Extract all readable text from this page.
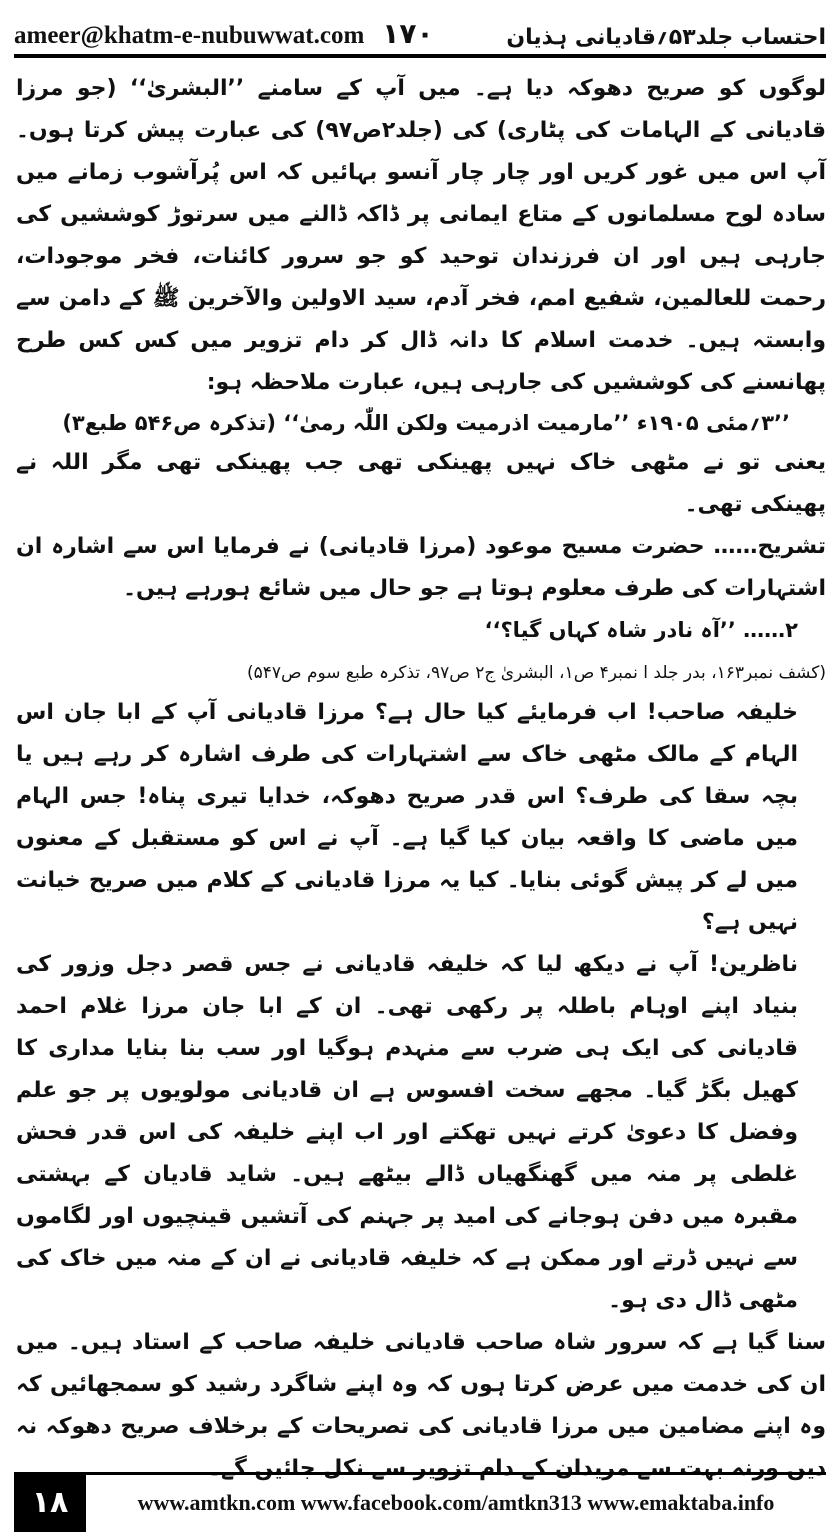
ameer@khatm-e-nubuwwat.com ۱۷۰	احتساب جلد۵۳؍قادیانی ہذیان

لوگوں کو صریح دھوکہ دیا ہے۔ میں آپ کے سامنے ’’البشریٰ‘‘ (جو مرزا قادیانی کے الہامات کی پٹاری) کی (جلد۲ص۹۷) کی عبارت پیش کرتا ہوں۔ آپ اس میں غور کریں اور چار چار آنسو بہائیں کہ اس پُرآشوب زمانے میں سادہ لوح مسلمانوں کے متاع ایمانی پر ڈاکہ ڈالنے میں سرتوڑ کوششیں کی جارہی ہیں اور ان فرزندان توحید کو جو سرور کائنات، فخر موجودات، رحمت للعالمین، شفیع امم، فخر آدم، سید الاولین والآخرین ﷺ کے دامن سے وابستہ ہیں۔ خدمت اسلام کا دانہ ڈال کر دام تزویر میں کس کس طرح پھانسنے کی کوششیں کی جارہی ہیں، عبارت ملاحظہ ہو:

’’۳؍مئی ۱۹۰۵ء ’’مارمیت اذرمیت ولکن اللّٰہ رمیٰ‘‘ (تذکرہ ص۵۴۶ طبع۳)

یعنی تو نے مٹھی خاک نہیں پھینکی تھی جب پھینکی تھی مگر اللہ نے پھینکی تھی۔

تشریح…… حضرت مسیح موعود (مرزا قادیانی) نے فرمایا اس سے اشارہ ان اشتہارات کی طرف معلوم ہوتا ہے جو حال میں شائع ہورہے ہیں۔

۲…… ’’آہ نادر شاہ کہاں گیا؟‘‘

(کشف نمبر۱۶۳، بدر جلد ا نمبر۴ ص۱، البشریٰ ج۲ ص۹۷، تذکرہ طبع سوم ص۵۴۷)

خلیفہ صاحب! اب فرمایئے کیا حال ہے؟ مرزا قادیانی آپ کے ابا جان اس الہام کے مالک مٹھی خاک سے اشتہارات کی طرف اشارہ کر رہے ہیں یا بچہ سقا کی طرف؟ اس قدر صریح دھوکہ، خدایا تیری پناہ! جس الہام میں ماضی کا واقعہ بیان کیا گیا ہے۔ آپ نے اس کو مستقبل کے معنوں میں لے کر پیش گوئی بنایا۔ کیا یہ مرزا قادیانی کے کلام میں صریح خیانت نہیں ہے؟

ناظرین! آپ نے دیکھ لیا کہ خلیفہ قادیانی نے جس قصر دجل وزور کی بنیاد اپنے اوہام باطلہ پر رکھی تھی۔ ان کے ابا جان مرزا غلام احمد قادیانی کی ایک ہی ضرب سے منہدم ہوگیا اور سب بنا بنایا مداری کا کھیل بگڑ گیا۔ مجھے سخت افسوس ہے ان قادیانی مولویوں پر جو علم وفضل کا دعویٰ کرتے نہیں تھکتے اور اب اپنے خلیفہ کی اس قدر فحش غلطی پر منہ میں گھنگھیاں ڈالے بیٹھے ہیں۔ شاید قادیان کے بہشتی مقبرہ میں دفن ہوجانے کی امید پر جہنم کی آتشیں قینچیوں اور لگاموں سے نہیں ڈرتے اور ممکن ہے کہ خلیفہ قادیانی نے ان کے منہ میں خاک کی مٹھی ڈال دی ہو۔

سنا گیا ہے کہ سرور شاہ صاحب قادیانی خلیفہ صاحب کے استاد ہیں۔ میں ان کی خدمت میں عرض کرتا ہوں کہ وہ اپنے شاگرد رشید کو سمجھائیں کہ وہ اپنے مضامین میں مرزا قادیانی کی تصریحات کے برخلاف صریح دھوکہ نہ دیں ورنہ بہت سے مریدان کے دام تزویر سے نکل جائیں گے۔

۱۸	www.amtkn.com www.facebook.com/amtkn313 www.emaktaba.info
